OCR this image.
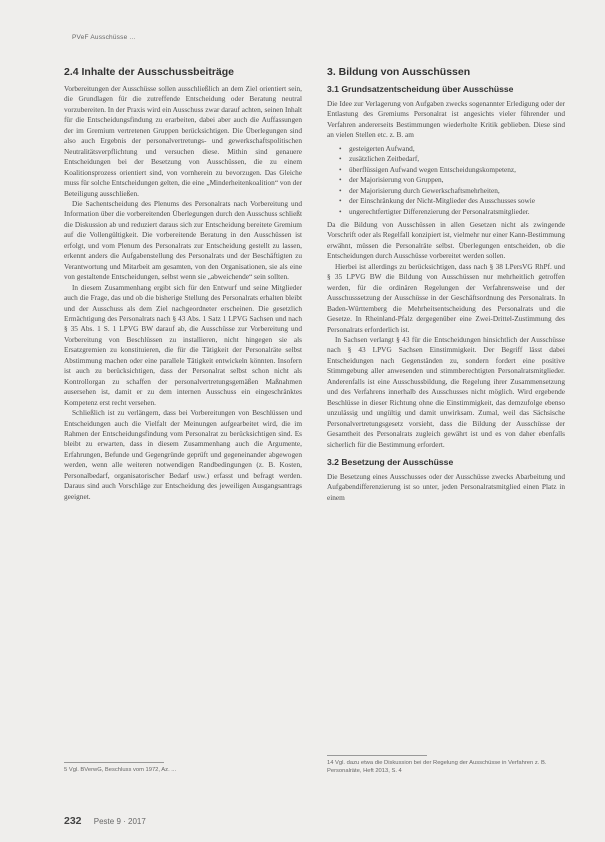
PVeF Ausschüsse ...
2.4 Inhalte der Ausschussbeiträge

Vorbereitungen der Ausschüsse sollen ausschließlich an dem Ziel orientiert sein, die Grundlagen für die zutreffende Entscheidung oder Beratung neutral vorzubereiten. In der Praxis wird ein Ausschuss zwar darauf achten, seinen Inhalt für die Entscheidungsfindung zu erarbeiten, dabei aber auch die Auffassungen der im Gremium vertretenen Gruppen berücksichtigen. Die Überlegungen sind also auch Ergebnis der personalvertretungs- und gewerkschaftspolitischen Neutralitätsverpflichtung und versuchen diese. Mithin sind genauere Entscheidungen bei der Besetzung von Ausschüssen, die zu einem Koalitionsprozess orientiert sind, von vornherein zu bevorzugen. Das Gleiche muss für solche Entscheidungen gelten, die eine „Minderheitenkoalition“ von der Beteiligung ausschließen.

Die Sachentscheidung des Plenums des Personalrats nach Vorbereitung und Information über die vorbereitenden Überlegungen durch den Ausschuss schließt die Diskussion ab und reduziert daraus sich zur Entscheidung bereitete Gremium auf die Vollengültigkeit. Die vorbereitende Beratung in den Ausschüssen ist erfolgt, und vom Plenum des Personalrats zur Entscheidung gestellt zu lassen, erkennt anders die Aufgabenstellung des Personalrats und der Beschäftigten zu Verantwortung und Mitarbeit am gesamten, von den Organisationen, sie als eine von gestaltende Entscheidungen, selbst wenn sie „abweichende“ sein sollten.

In diesem Zusammenhang ergibt sich für den Entwurf und seine Mitglieder auch die Frage, das und ob die bisherige Stellung des Personalrats erhalten bleibt und der Ausschuss als dem Ziel nachgeordneter erscheinen. Die gesetzlich Ermächtigung des Personalrats nach § 43 Abs. 1 Satz 1 LPVG Sachsen und nach § 35 Abs. 1 S. 1 LPVG BW darauf ab, die Ausschüsse zur Vorbereitung und Vorbereitung von Beschlüssen zu installieren, nicht hingegen sie als Ersatzgremien zu konstituieren, die für die Tätigkeit der Personalräte selbst Abstimmung machen oder eine parallele Tätigkeit entwickeln könnten. Insofern ist auch zu berücksichtigen, dass der Personalrat selbst schon nicht als Kontrollorgan zu schaffen der personalvertretungsgemäßen Maßnahmen ausersehen ist, damit er zu dem internen Ausschuss ein eingeschränktes Kompetenz erst recht versehen.

Schließlich ist zu verlängern, dass bei Vorbereitungen von Beschlüssen und Entscheidungen auch die Vielfalt der Meinungen aufgearbeitet wird, die im Rahmen der Entscheidungsfindung vom Personalrat zu berücksichtigen sind. Es bleibt zu erwarten, dass in diesem Zusammenhang auch die Argumente, Erfahrungen, Befunde und Gegengründe geprüft und gegeneinander abgewogen werden, wenn alle weiteren notwendigen Randbedingungen (z. B. Kosten, Personalbedarf, organisatorischer Bedarf usw.) erfasst und befragt werden. Daraus sind auch Vorschläge zur Entscheidung des jeweiligen Ausgangsantrags geeignet.

3. Bildung von Ausschüssen
3.1 Grundsatzentscheidung über Ausschüsse

Die Idee zur Verlagerung von Aufgaben zwecks sogenannter Erledigung oder der Entlastung des Gremiums Personalrat ist angesichts vieler führender und Verfahren andererseits Bestimmungen wiederholte Kritik geblieben. Diese sind an vielen Stellen etc. z. B. am

• gesteigerten Aufwand,
• zusätzlichen Zeitbedarf,
• überflüssigen Aufwand wegen Entscheidungskompetenz,
• der Majorisierung von Gruppen,
• der Majorisierung durch Gewerkschaftsmehrheiten,
• der Einschränkung der Nicht-Mitglieder des Ausschusses sowie
• ungerechtfertigter Differenzierung der Personalratsmitglieder.

Da die Bildung von Ausschüssen in allen Gesetzen nicht als zwingende Vorschrift oder als Regelfall konzipiert ist, vielmehr nur einer Kann-Bestimmung erwähnt, müssen die Personalräte selbst. Überlegungen entscheiden, ob die Entscheidungen durch Ausschüsse vorbereitet werden sollen.

Hierbei ist allerdings zu berücksichtigen, dass nach § 38 LPersVG RhPf. und § 35 LPVG BW die Bildung von Ausschüssen nur mehrheitlich getroffen werden, für die ordinären Regelungen der Verfahrensweise und der Ausschusssetzung der Ausschüsse in der Geschäftsordnung des Personalrats. In Baden-Württemberg die Mehrheitsentscheidung des Personalrats und die Gesetze. In Rheinland-Pfalz dergegenüber eine Zwei-Drittel-Zustimmung des Personalrats erforderlich ist.

In Sachsen verlangt § 43 für die Entscheidungen hinsichtlich der Ausschüsse nach § 43 LPVG Sachsen Einstimmigkeit. Der Begriff lässt dabei Entscheidungen nach Gegenständen zu, sondern fordert eine positive Stimmgebung aller anwesenden und stimmberechtigten Personalratsmitglieder. Anderenfalls ist eine Ausschussbildung, die Regelung ihrer Zusammensetzung und des Verfahrens innerhalb des Ausschusses nicht möglich. Wird ergebende Beschlüsse in dieser Richtung ohne die Einstimmigkeit, das demzufolge ebenso unzulässig und ungültig und damit unwirksam. Zumal, weil das Sächsische Personalvertretungsgesetz vorsieht, dass die Bildung der Ausschüsse der Gesamtheit des Personalrats zugleich gewährt ist und es von daher ebenfalls sicherlich für die Bestimmung erfordert.

3.2 Besetzung der Ausschüsse

Die Besetzung eines Ausschusses oder der Ausschüsse zwecks Abarbeitung und Aufgabendifferenzierung ist so unter, jeden Personalratsmitglied einen Platz in einem

5 Vgl. BVerwG, Beschluss vom 1972, Az. ...
14 Vgl. dazu etwa die Diskussion bei der Regelung der Ausschüsse in Verfahren z. B. Personalräte, Heft 2013, S. 4
232 Peste 9 · 2017
